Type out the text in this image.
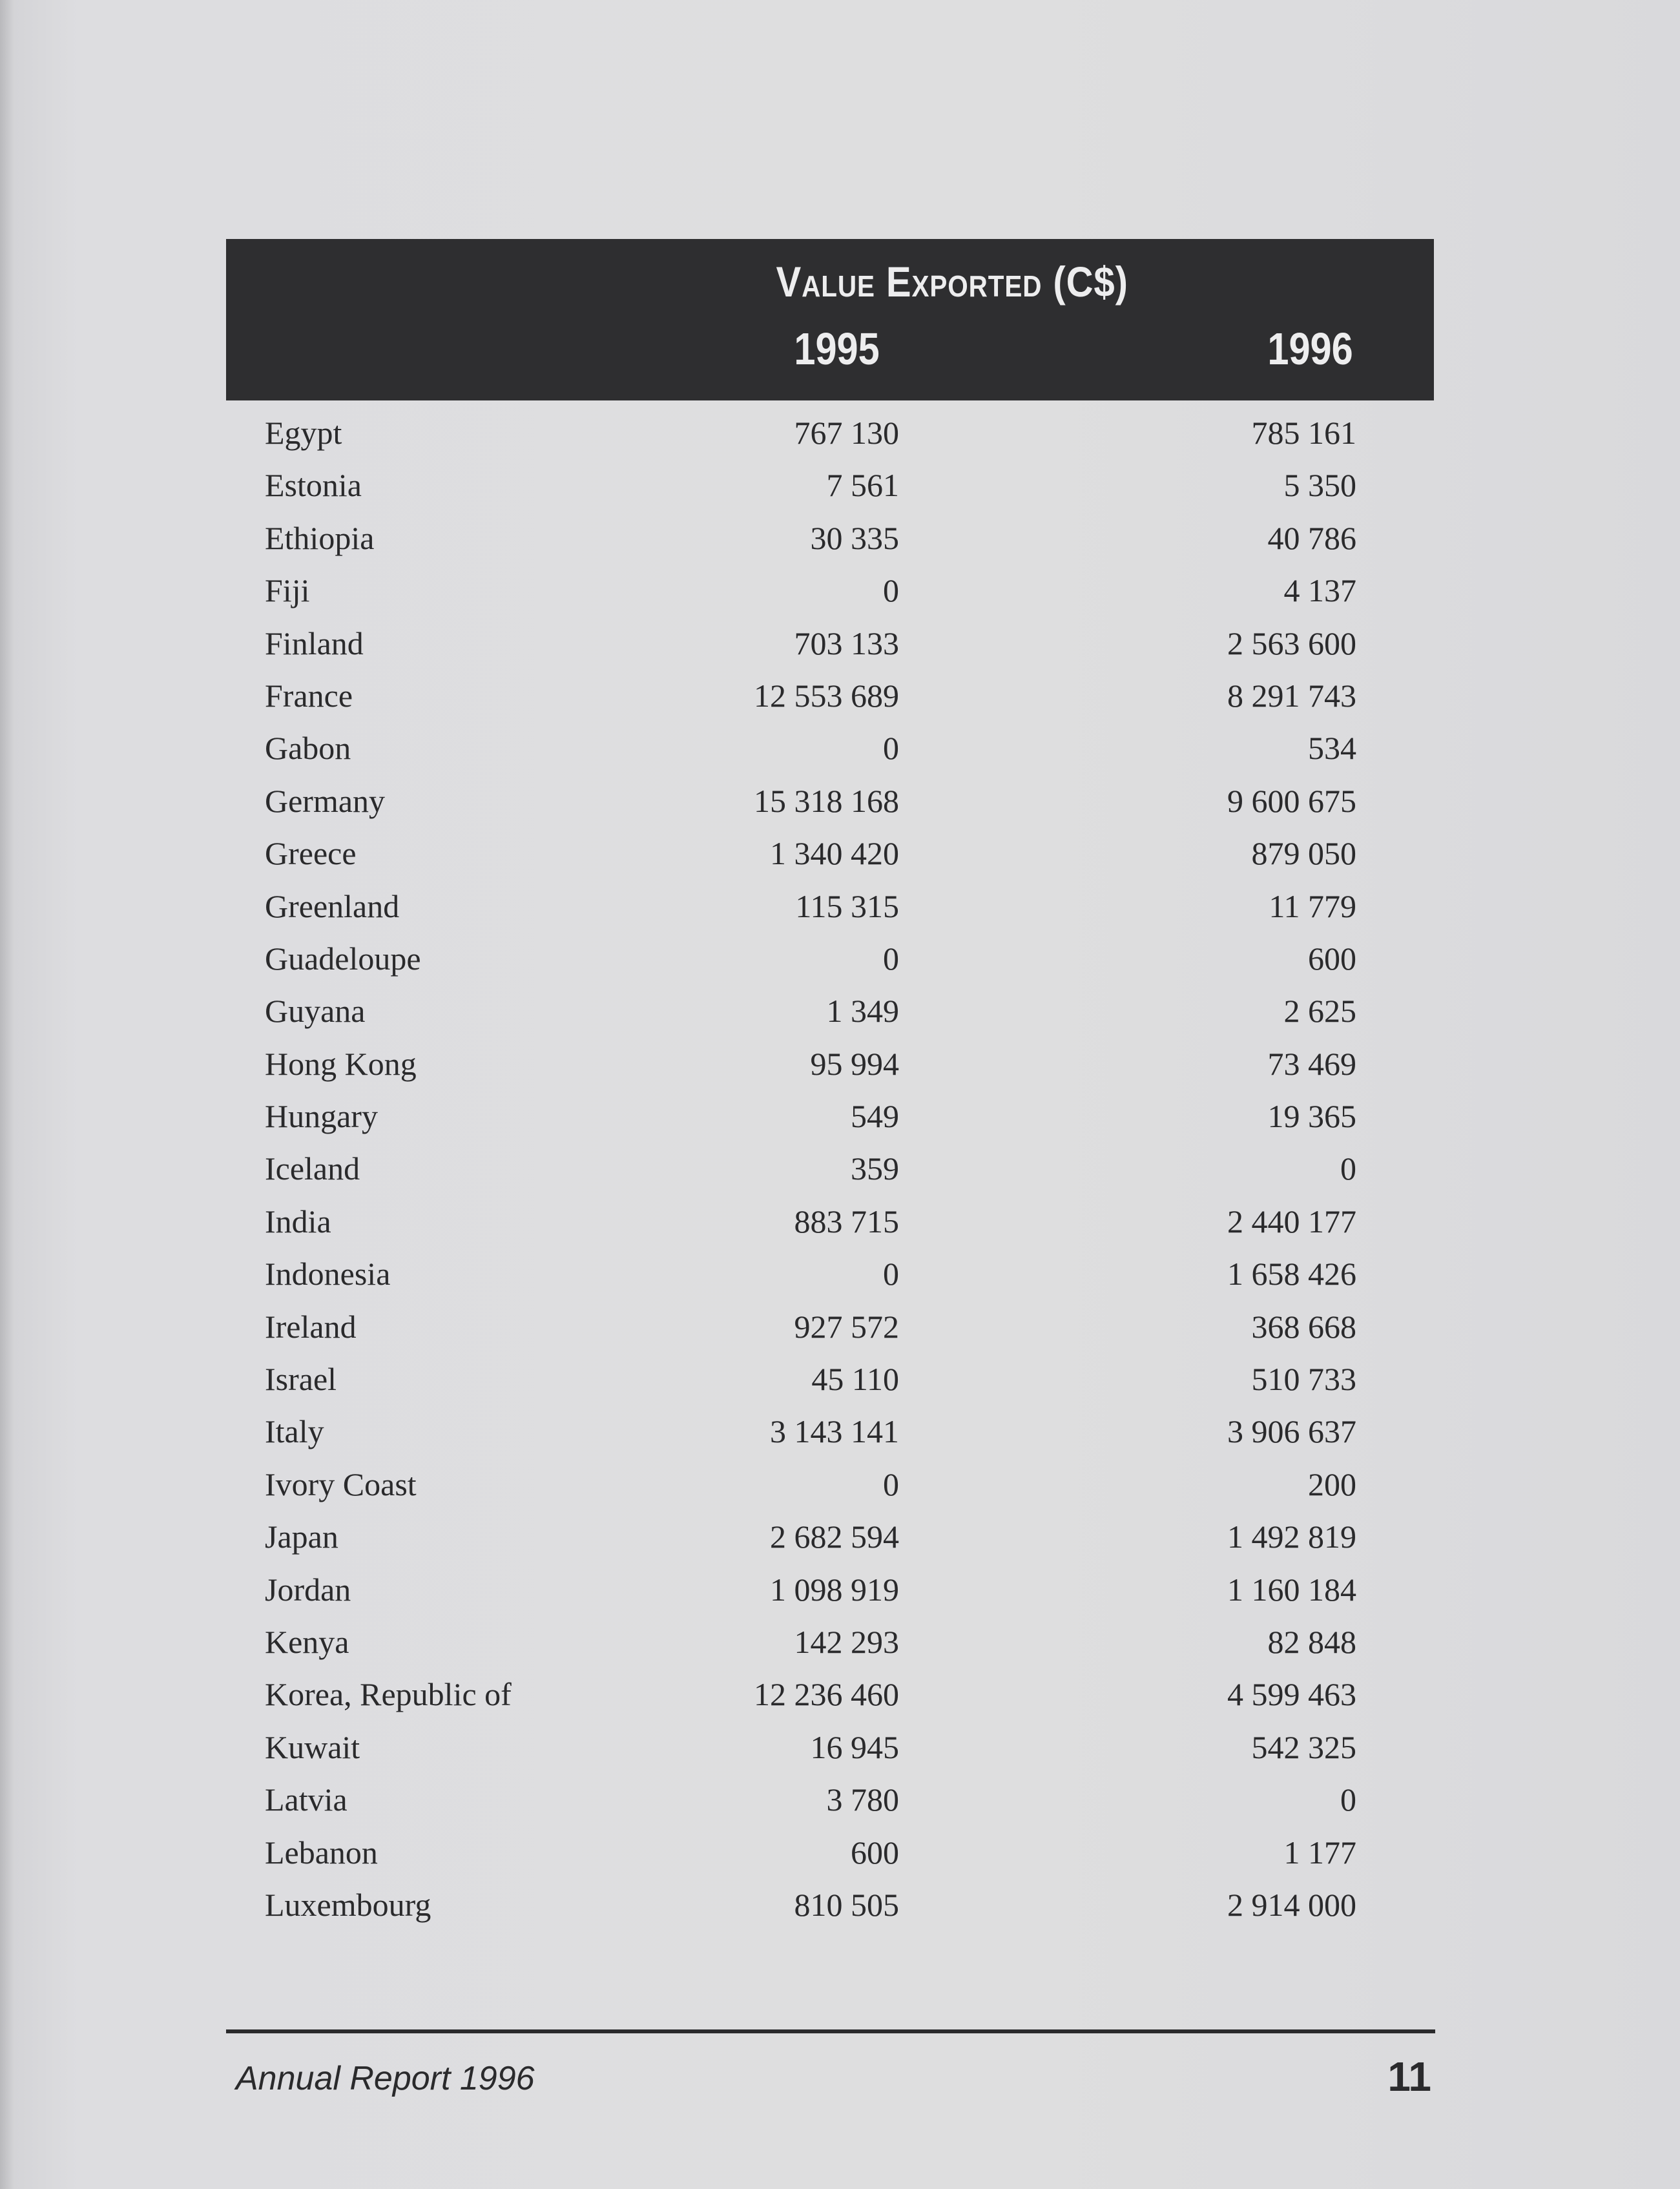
Value Exported (C$)
1995	1996
Egypt	767 130	785 161
Estonia	7 561	5 350
Ethiopia	30 335	40 786
Fiji	0	4 137
Finland	703 133	2 563 600
France	12 553 689	8 291 743
Gabon	0	534
Germany	15 318 168	9 600 675
Greece	1 340 420	879 050
Greenland	115 315	11 779
Guadeloupe	0	600
Guyana	1 349	2 625
Hong Kong	95 994	73 469
Hungary	549	19 365
Iceland	359	0
India	883 715	2 440 177
Indonesia	0	1 658 426
Ireland	927 572	368 668
Israel	45 110	510 733
Italy	3 143 141	3 906 637
Ivory Coast	0	200
Japan	2 682 594	1 492 819
Jordan	1 098 919	1 160 184
Kenya	142 293	82 848
Korea, Republic of	12 236 460	4 599 463
Kuwait	16 945	542 325
Latvia	3 780	0
Lebanon	600	1 177
Luxembourg	810 505	2 914 000
Annual Report 1996	11
